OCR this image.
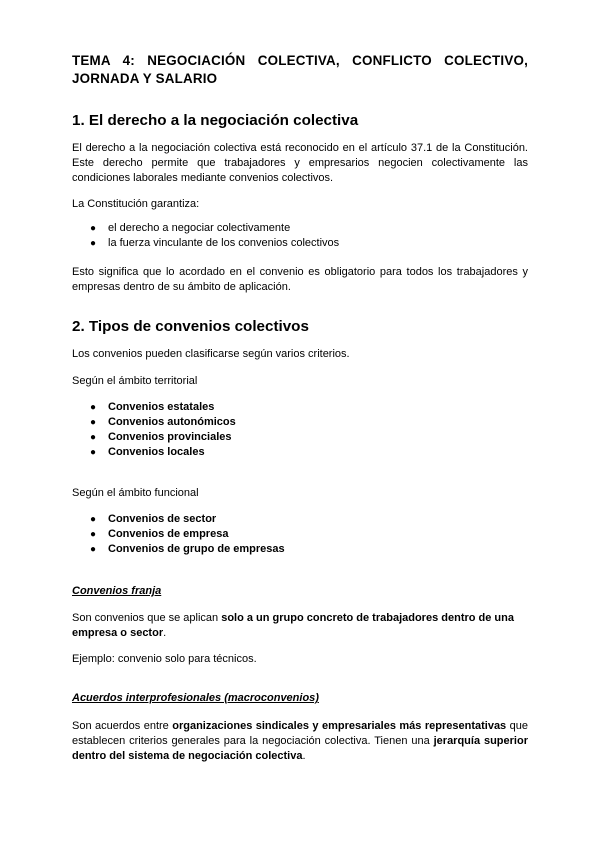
TEMA 4: NEGOCIACIÓN COLECTIVA, CONFLICTO COLECTIVO, JORNADA Y SALARIO
1. El derecho a la negociación colectiva

El derecho a la negociación colectiva está reconocido en el artículo 37.1 de la Constitución. Este derecho permite que trabajadores y empresarios negocien colectivamente las condiciones laborales mediante convenios colectivos.

La Constitución garantiza:

● el derecho a negociar colectivamente
● la fuerza vinculante de los convenios colectivos

Esto significa que lo acordado en el convenio es obligatorio para todos los trabajadores y empresas dentro de su ámbito de aplicación.

2. Tipos de convenios colectivos

Los convenios pueden clasificarse según varios criterios.

Según el ámbito territorial

● Convenios estatales
● Convenios autonómicos
● Convenios provinciales
● Convenios locales

Según el ámbito funcional

● Convenios de sector
● Convenios de empresa
● Convenios de grupo de empresas

Convenios franja

Son convenios que se aplican solo a un grupo concreto de trabajadores dentro de una empresa o sector.

Ejemplo: convenio solo para técnicos.

Acuerdos interprofesionales (macroconvenios)

Son acuerdos entre organizaciones sindicales y empresariales más representativas que establecen criterios generales para la negociación colectiva. Tienen una jerarquía superior dentro del sistema de negociación colectiva.
